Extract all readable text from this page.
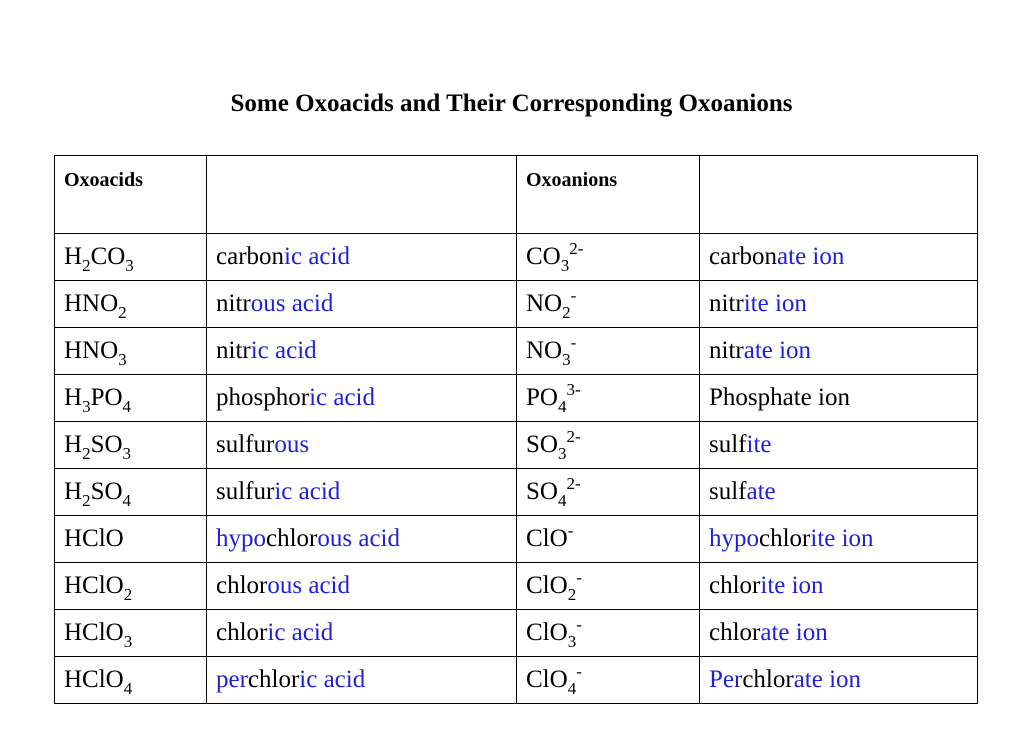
Some Oxoacids and Their Corresponding Oxoanions
Oxoacids		Oxoanions	
$H_2CO_3$	carbonic acid	$CO_3^{2-}$	carbonate ion
$HNO_2$	nitrous acid	$NO_2^-$	nitrite ion
$HNO_3$	nitric acid	$NO_3^-$	nitrate ion
$H_3PO_4$	phosphoric acid	$PO_4^{3-}$	Phosphate ion
$H_2SO_3$	sulfurous	$SO_3^{2-}$	sulfite
$H_2SO_4$	sulfuric acid	$SO_4^{2-}$	sulfate
HClO	hypochlorous acid	ClO-	hypochlorite ion
HClO$_2$	chlorous acid	ClO$_2$-	chlorite ion
HClO$_3$	chloric acid	ClO$_3$-	chlorate ion
HClO$_4$	perchloric acid	ClO$_4$-	Perchlorate ion
